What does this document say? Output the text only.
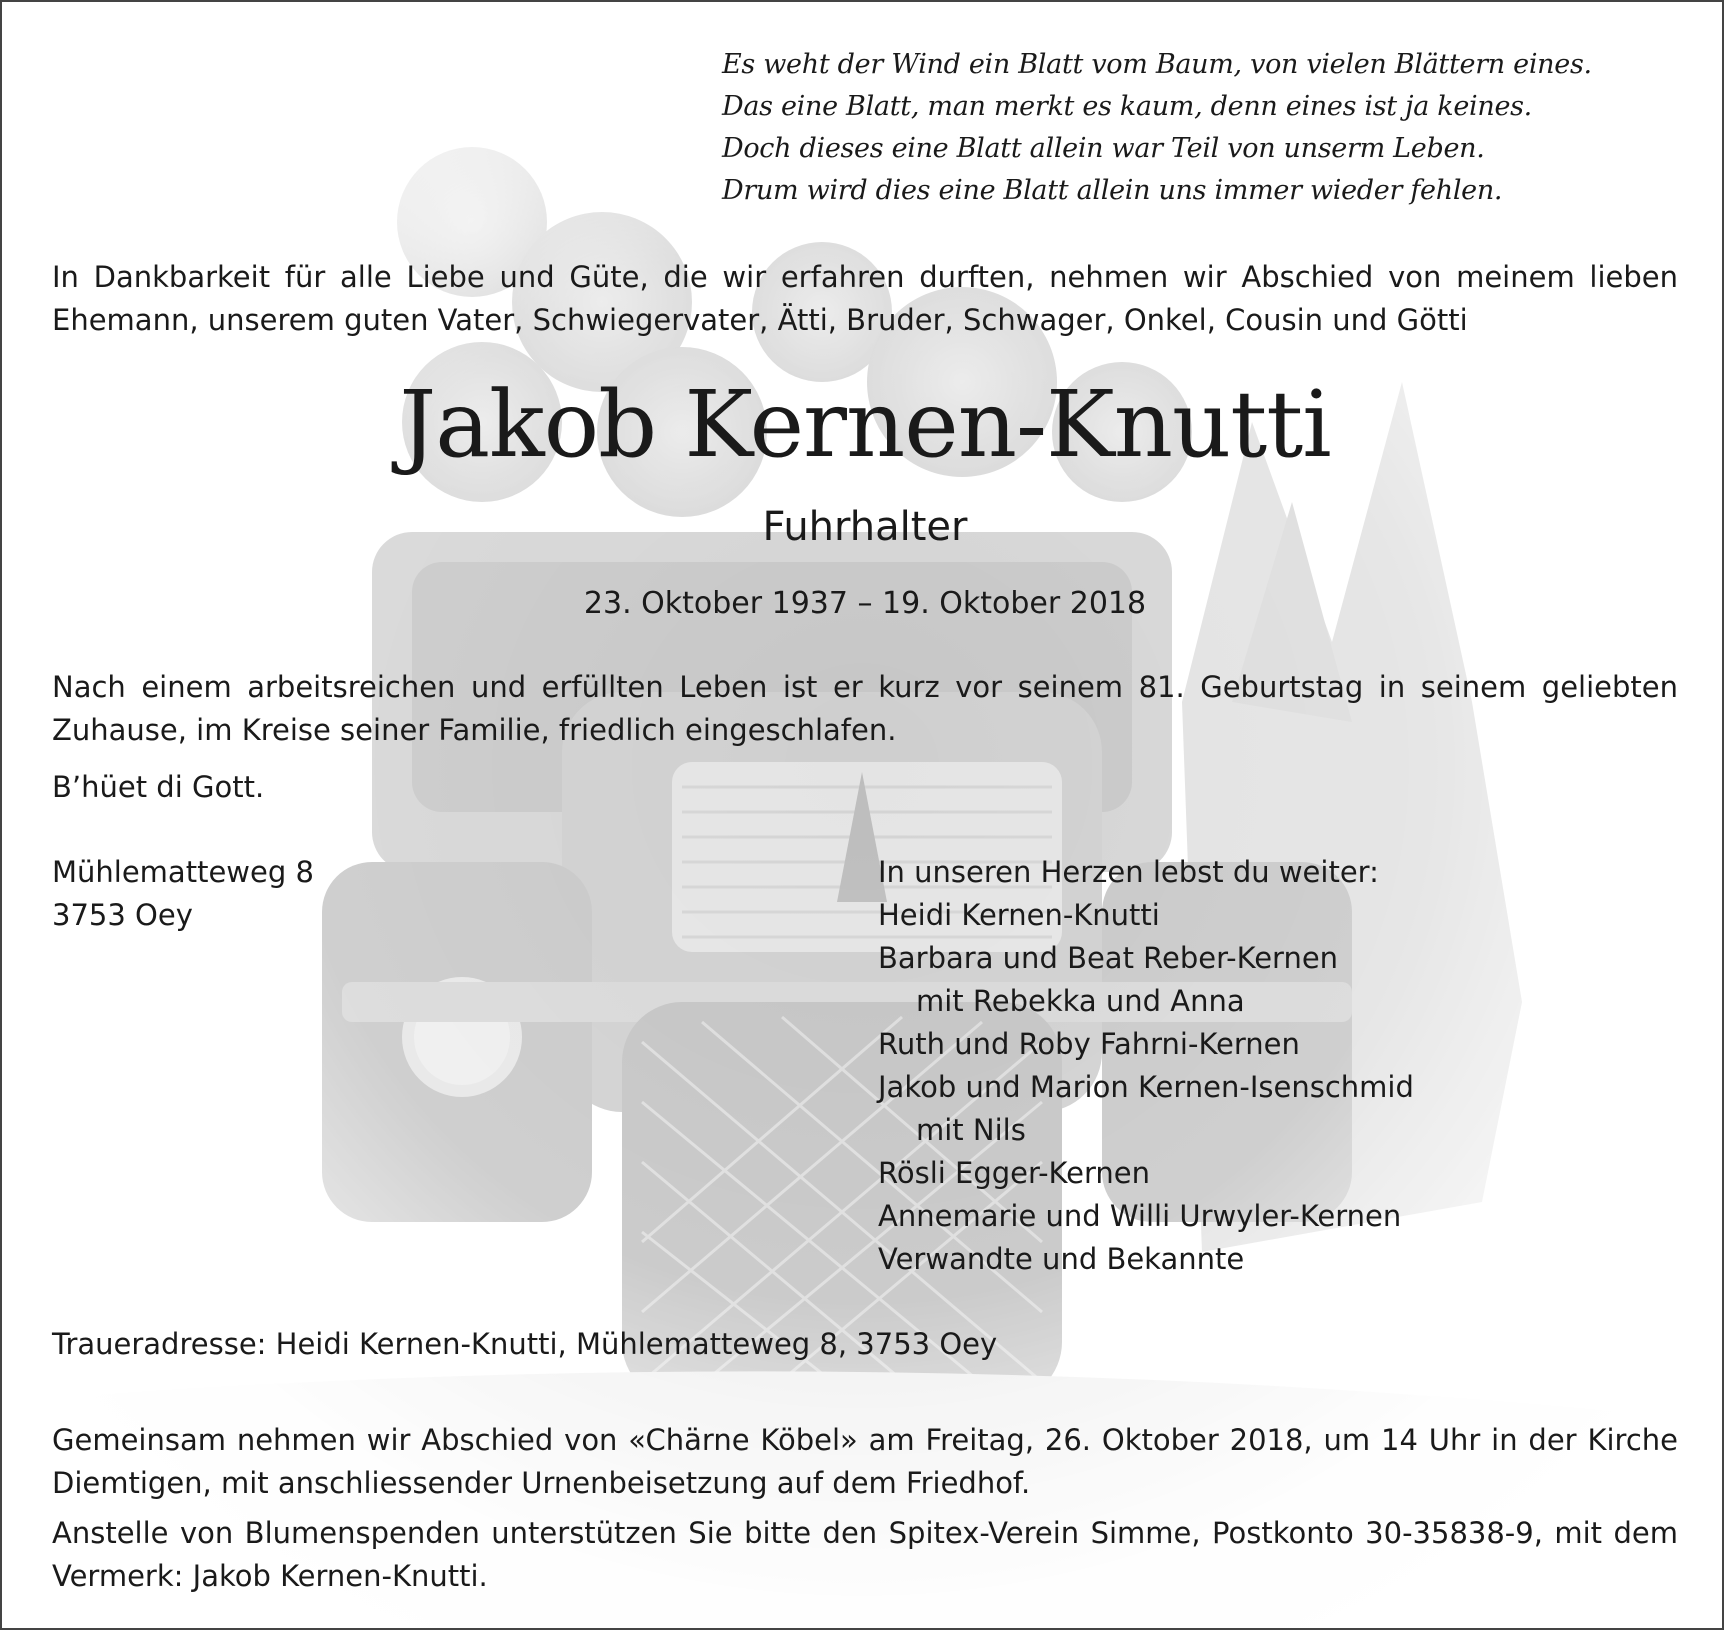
Es weht der Wind ein Blatt vom Baum, von vielen Blättern eines.
Das eine Blatt, man merkt es kaum, denn eines ist ja keines.
Doch dieses eine Blatt allein war Teil von unserm Leben.
Drum wird dies eine Blatt allein uns immer wieder fehlen.
In Dankbarkeit für alle Liebe und Güte, die wir erfahren durften, nehmen wir Abschied von meinem lieben Ehemann, unserem guten Vater, Schwiegervater, Ätti, Bruder, Schwager, Onkel, Cousin und Götti
Jakob Kernen-Knutti
Fuhrhalter
23. Oktober 1937 – 19. Oktober 2018
Nach einem arbeitsreichen und erfüllten Leben ist er kurz vor seinem 81. Geburtstag in seinem geliebten Zuhause, im Kreise seiner Familie, friedlich eingeschlafen.
B’hüet di Gott.
Mühlematteweg 8
3753 Oey
In unseren Herzen lebst du weiter:
Heidi Kernen-Knutti
Barbara und Beat Reber-Kernen
mit Rebekka und Anna
Ruth und Roby Fahrni-Kernen
Jakob und Marion Kernen-Isenschmid
mit Nils
Rösli Egger-Kernen
Annemarie und Willi Urwyler-Kernen
Verwandte und Bekannte
Traueradresse: Heidi Kernen-Knutti, Mühlematteweg 8, 3753 Oey
Gemeinsam nehmen wir Abschied von «Chärne Köbel» am Freitag, 26. Oktober 2018, um 14 Uhr in der Kirche Diemtigen, mit anschliessender Urnenbeisetzung auf dem Friedhof.
Anstelle von Blumenspenden unterstützen Sie bitte den Spitex-Verein Simme, Postkonto 30-35838-9, mit dem Vermerk: Jakob Kernen-Knutti.
